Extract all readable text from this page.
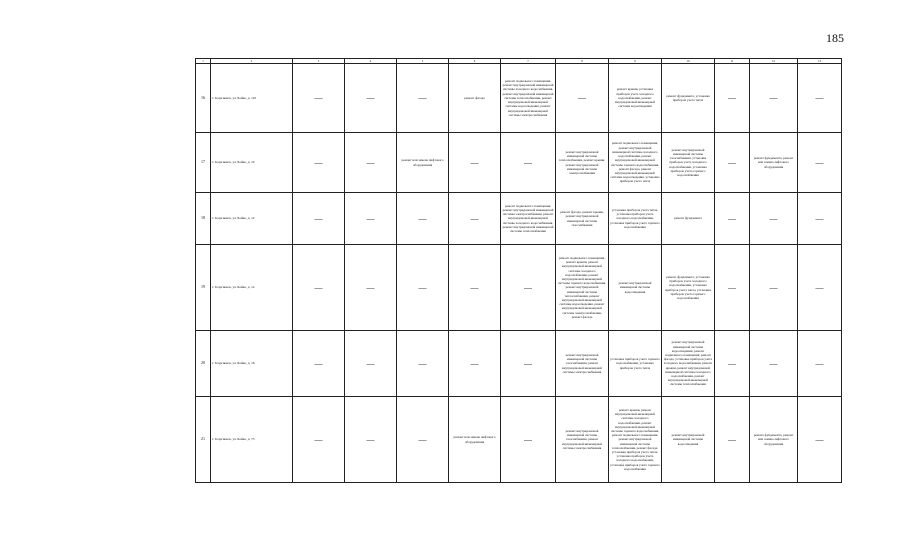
185
1	2	3	4	5	6	7	8	9	10	11	12	13
16	г. Георгиевск, ул. Бойко, д. 110	—	—	—	ремонт фасада	ремонт подвального помещения, ремонт внутридомовой инженерной системы холодного водоснабжения, ремонт внутридомовой инженерной системы теплоснабжения, ремонт внутридомовой инженерной системы водоотведения, ремонт внутридомовой инженерной системы электроснабжения	—	ремонт крыши, установка приборов учета холодного водоснабжения, ремонт внутридомовой инженерной системы водоотведения	ремонт фундамента, установка приборов учета тепла	—	—	—
17	г. Георгиевск, ул. Бойко, д. 10	—	—	ремонт или замена лифтового оборудования	—	—	ремонт внутридомовой инженерной системы теплоснабжения, ремонт крыши, ремонт внутридомовой инженерной системы электроснабжения	ремонт подвального помещения, ремонт внутридомовой инженерной системы холодного водоснабжения, ремонт внутридомовой инженерной системы горячего водоснабжения, ремонт фасада, ремонт внутридомовой инженерной системы водоотведения, установка приборов учета тепла	ремонт внутридомовой инженерной системы газоснабжения, установка приборов учета холодного водоснабжения, установка приборов учета горячего водоснабжения	—	ремонт фундамента, ремонт или замена лифтового оборудования	—
18	г. Георгиевск, ул. Бойко, д. 12	—	—	—	—	ремонт подвального помещения, ремонт внутридомовой инженерной системы электроснабжения, ремонт внутридомовой инженерной системы холодного водоснабжения, ремонт внутридомовой инженерной системы теплоснабжения	ремонт фасада, ремонт крыши, ремонт внутридомовой инженерной системы газоснабжения	установка приборов учета тепла, установка приборов учета холодного водоснабжения, установка приборов учета горячего водоснабжения	ремонт фундамента	—	—	—
19	г. Георгиевск, ул. Бойко, д. 14	—	—	—	—	—	ремонт подвального помещения, ремонт крыши, ремонт внутридомовой инженерной системы холодного водоснабжения, ремонт внутридомовой инженерной системы горячего водоснабжения, ремонт внутридомовой инженерной системы теплоснабжения, ремонт внутридомовой инженерной системы водоотведения, ремонт внутридомовой инженерной системы электроснабжения, ремонт фасада	ремонт внутридомовой инженерной системы водоотведения	ремонт фундамента, установка приборов учета холодного водоснабжения, установка приборов учета тепла, установка приборов учета горячего водоснабжения	—	—	—
20	г. Георгиевск, ул. Бойко, д. 16	—	—	—	—	—	ремонт внутридомовой инженерной системы газоснабжения, ремонт внутридомовой инженерной системы электроснабжения	установка приборов учета горячего водоснабжения, установка приборов учета тепла	ремонт внутридомовой инженерной системы водоотведения, ремонт подвального помещения, ремонт фасада, установка приборов учета холодного водоснабжения, ремонт крыши, ремонт внутридомовой инженерной системы холодного водоснабжения, ремонт внутридомовой инженерной системы теплоснабжения	—	—	—
21	г. Георгиевск, ул. Бойко, д. 73	—	—	—	ремонт или замена лифтового оборудования	—	ремонт внутридомовой инженерной системы газоснабжения, ремонт внутридомовой инженерной системы электроснабжения	ремонт крыши, ремонт внутридомовой инженерной системы холодного водоснабжения, ремонт внутридомовой инженерной системы горячего водоснабжения, ремонт подвального помещения, ремонт внутридомовой инженерной системы теплоснабжения, ремонт фасада, установка приборов учета тепла, установка приборов учета холодного водоснабжения, установка приборов учета горячего водоснабжения	ремонт внутридомовой инженерной системы водоотведения	—	ремонт фундамента, ремонт или замена лифтового оборудования	—
